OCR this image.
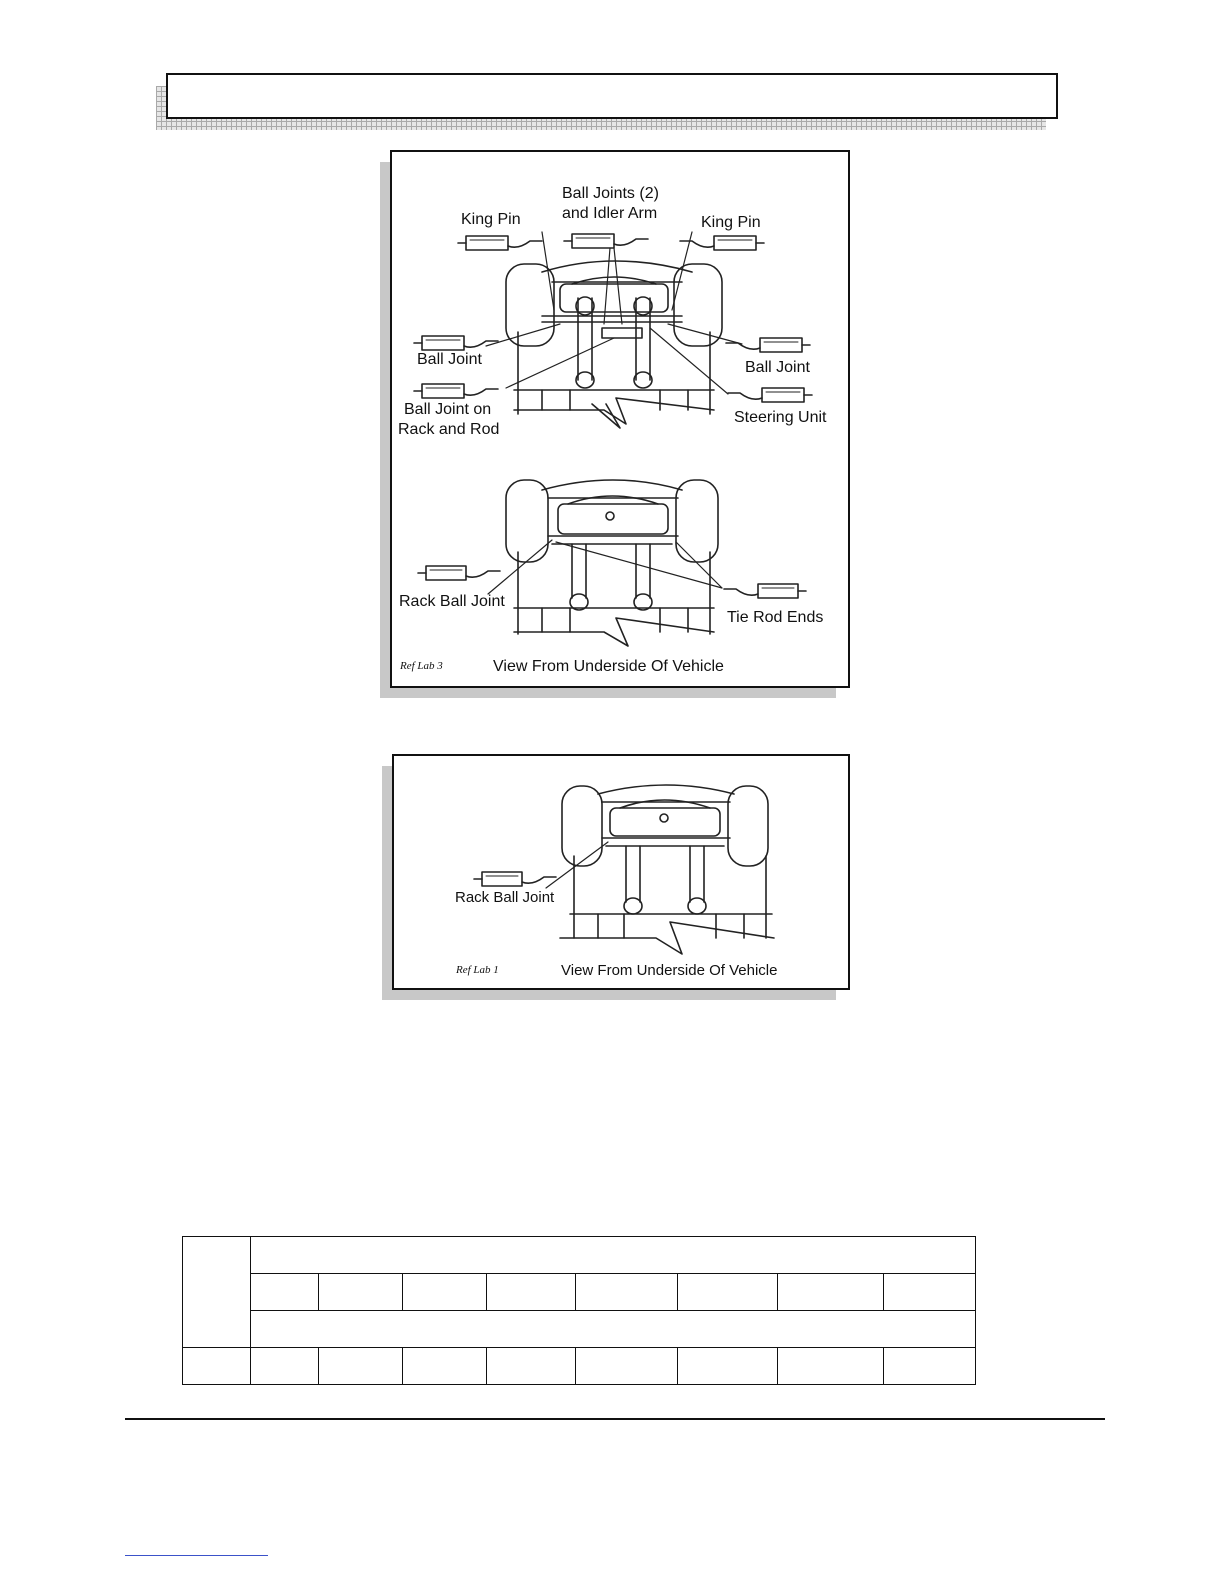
Ball Joints (2)
and Idler Arm
King Pin	King Pin
Ball Joint	Ball Joint
Ball Joint on
Rack and Rod
Steering Unit
Rack Ball Joint
Tie Rod Ends
View From Underside Of Vehicle
Ref Lab 3
Rack Ball Joint
View From Underside Of Vehicle
Ref Lab 1
